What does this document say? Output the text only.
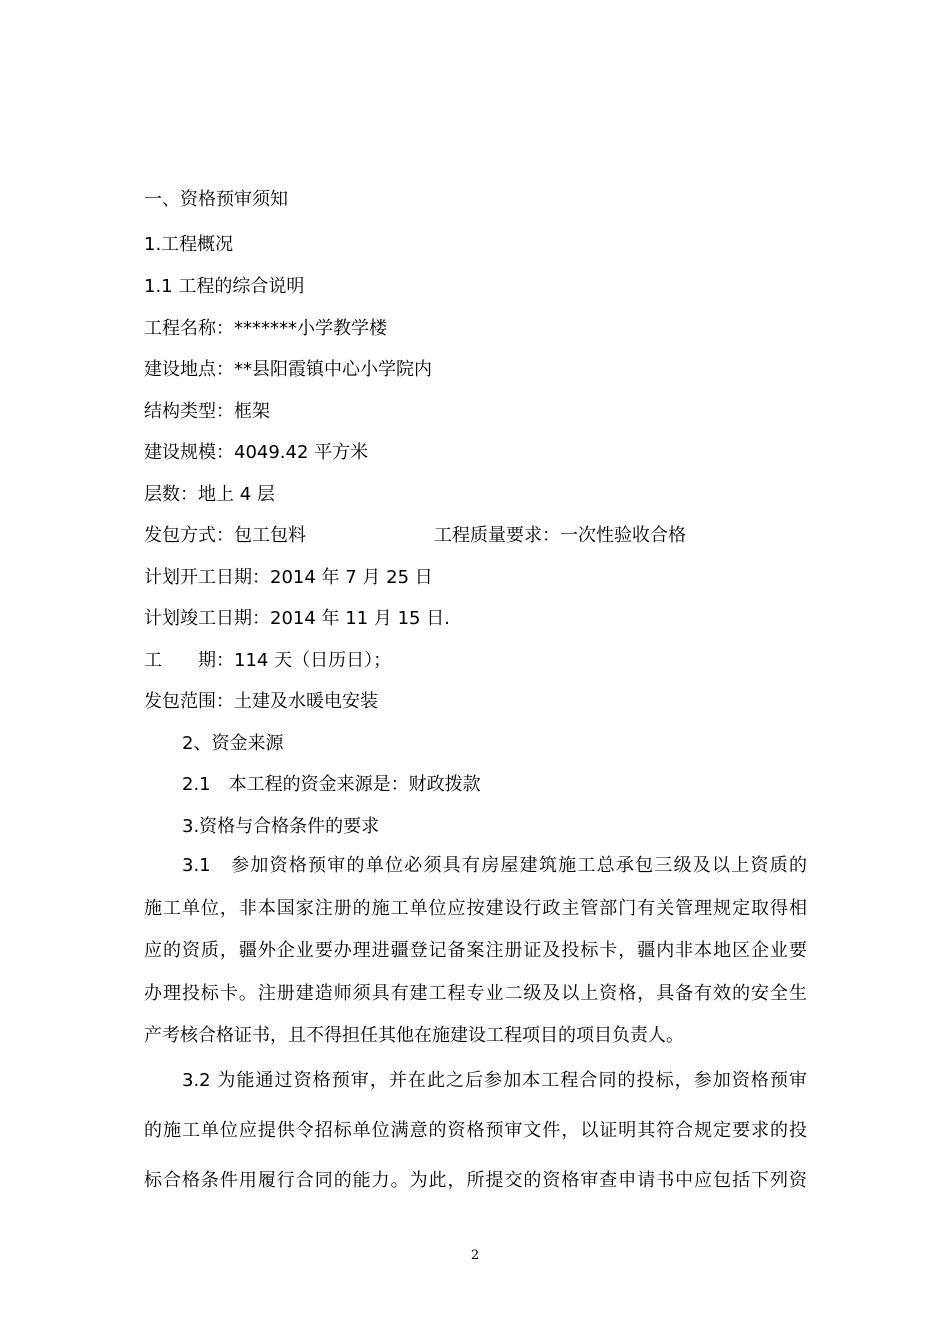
一、资格预审须知
1.工程概况
1.1 工程的综合说明
工程名称：*******小学教学楼
建设地点：**县阳霞镇中心小学院内
结构类型：框架
建设规模：4049.42 平方米
层数：地上 4 层
发包方式：包工包料	工程质量要求：一次性验收合格
计划开工日期：2014 年 7 月 25 日
计划竣工日期：2014 年 11 月 15 日.
工　　期：114 天（日历日）；
发包范围：土建及水暖电安装
2、资金来源
2.1　本工程的资金来源是：财政拨款
3.资格与合格条件的要求
3.1　参加资格预审的单位必须具有房屋建筑施工总承包三级及以上资质的
施工单位，非本国家注册的施工单位应按建设行政主管部门有关管理规定取得相
应的资质，疆外企业要办理进疆登记备案注册证及投标卡，疆内非本地区企业要
办理投标卡。注册建造师须具有建工程专业二级及以上资格，具备有效的安全生
产考核合格证书，且不得担任其他在施建设工程项目的项目负责人。
3.2 为能通过资格预审，并在此之后参加本工程合同的投标，参加资格预审
的施工单位应提供令招标单位满意的资格预审文件，以证明其符合规定要求的投
标合格条件用履行合同的能力。为此，所提交的资格审查申请书中应包括下列资
2
